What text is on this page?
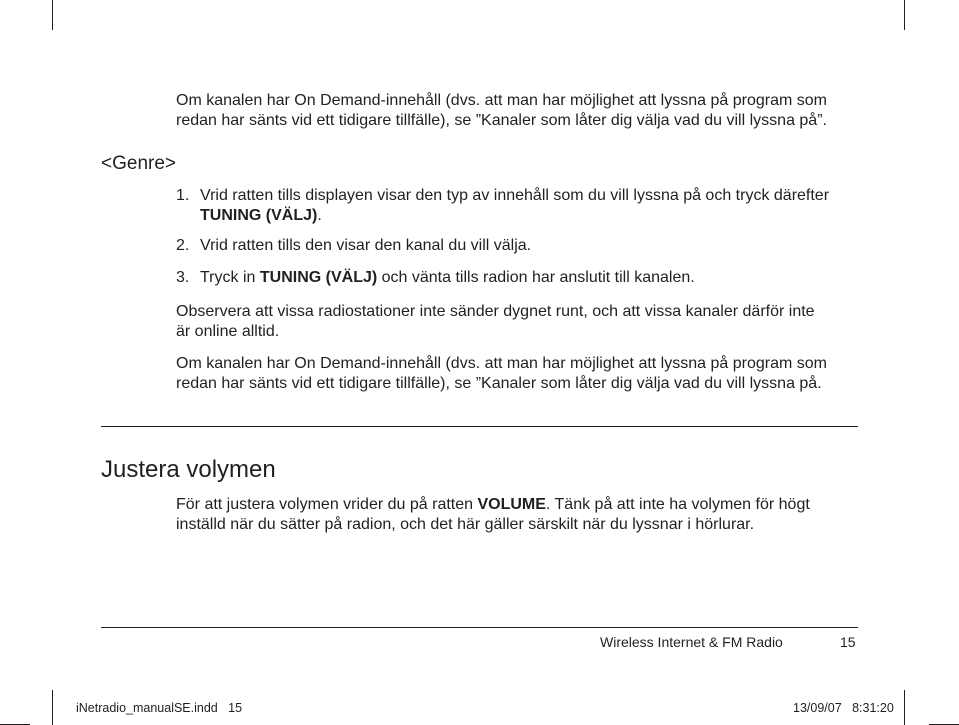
Om kanalen har On Demand-innehåll (dvs. att man har möjlighet att lyssna på program som
redan har sänts vid ett tidigare tillfälle), se ”Kanaler som låter dig välja vad du vill lyssna på”.
<Genre>
1. Vrid ratten tills displayen visar den typ av innehåll som du vill lyssna på och tryck därefter
TUNING (VÄLJ).
2. Vrid ratten tills den visar den kanal du vill välja.
3. Tryck in TUNING (VÄLJ) och vänta tills radion har anslutit till kanalen.
Observera att vissa radiostationer inte sänder dygnet runt, och att vissa kanaler därför inte
är online alltid.
Om kanalen har On Demand-innehåll (dvs. att man har möjlighet att lyssna på program som
redan har sänts vid ett tidigare tillfälle), se ”Kanaler som låter dig välja vad du vill lyssna på.
Justera volymen
För att justera volymen vrider du på ratten VOLUME. Tänk på att inte ha volymen för högt
inställd när du sätter på radion, och det här gäller särskilt när du lyssnar i hörlurar.
Wireless Internet & FM Radio	15
iNetradio_manualSE.indd   15	13/09/07   8:31:20
